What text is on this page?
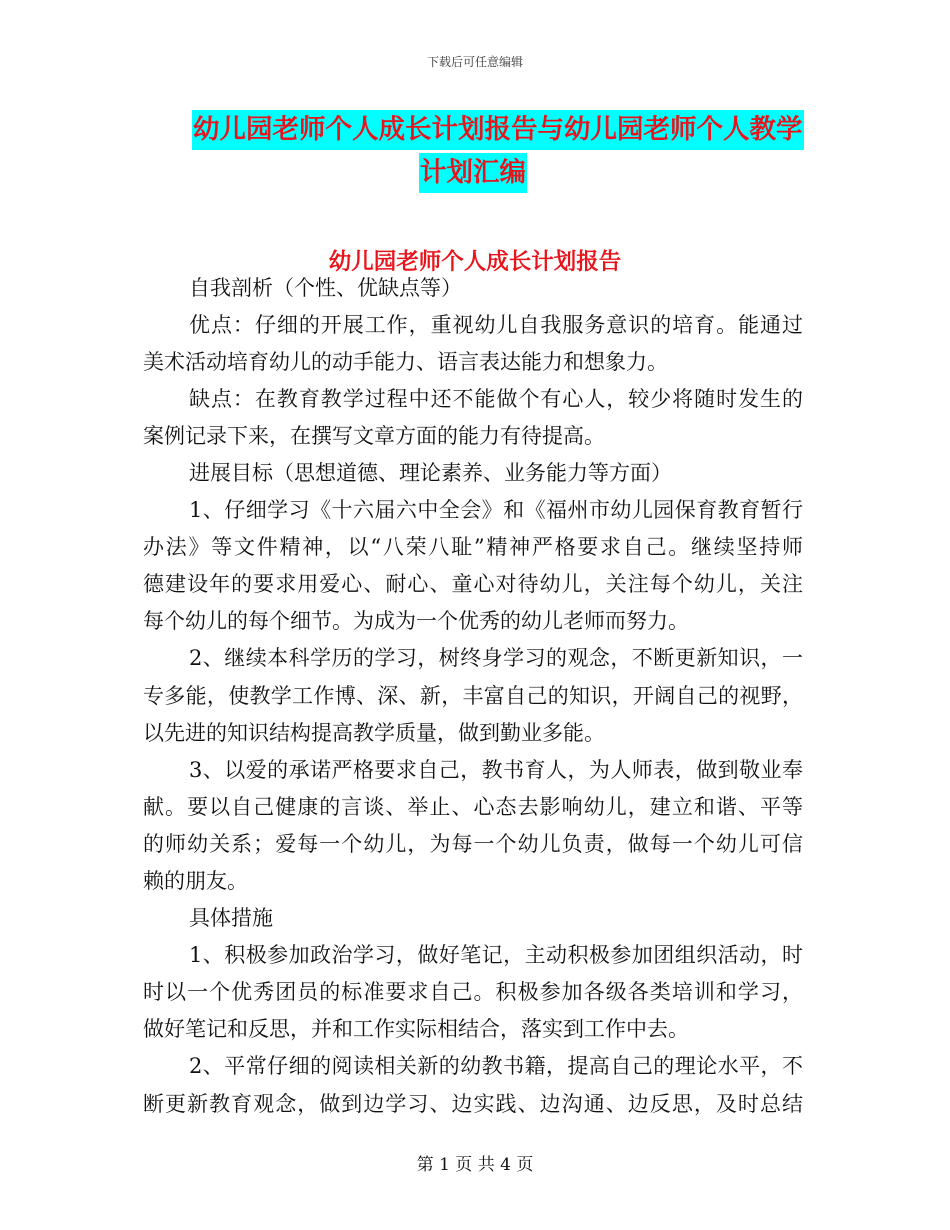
下载后可任意编辑
幼儿园老师个人成长计划报告与幼儿园老师个人教学
计划汇编
幼儿园老师个人成长计划报告
自我剖析（个性、优缺点等）
优点：仔细的开展工作，重视幼儿自我服务意识的培育。能通过
美术活动培育幼儿的动手能力、语言表达能力和想象力。
缺点：在教育教学过程中还不能做个有心人，较少将随时发生的
案例记录下来，在撰写文章方面的能力有待提高。
进展目标（思想道德、理论素养、业务能力等方面）
1、仔细学习《十六届六中全会》和《福州市幼儿园保育教育暂行
办法》等文件精神，以“八荣八耻”精神严格要求自己。继续坚持师
德建设年的要求用爱心、耐心、童心对待幼儿，关注每个幼儿，关注
每个幼儿的每个细节。为成为一个优秀的幼儿老师而努力。
2、继续本科学历的学习，树终身学习的观念，不断更新知识，一
专多能，使教学工作博、深、新，丰富自己的知识，开阔自己的视野，
以先进的知识结构提高教学质量，做到勤业多能。
3、以爱的承诺严格要求自己，教书育人，为人师表，做到敬业奉
献。要以自己健康的言谈、举止、心态去影响幼儿，建立和谐、平等
的师幼关系；爱每一个幼儿，为每一个幼儿负责，做每一个幼儿可信
赖的朋友。
具体措施
1、积极参加政治学习，做好笔记，主动积极参加团组织活动，时
时以一个优秀团员的标准要求自己。积极参加各级各类培训和学习，
做好笔记和反思，并和工作实际相结合，落实到工作中去。
2、平常仔细的阅读相关新的幼教书籍，提高自己的理论水平，不
断更新教育观念，做到边学习、边实践、边沟通、边反思，及时总结
第 1 页 共 4 页
